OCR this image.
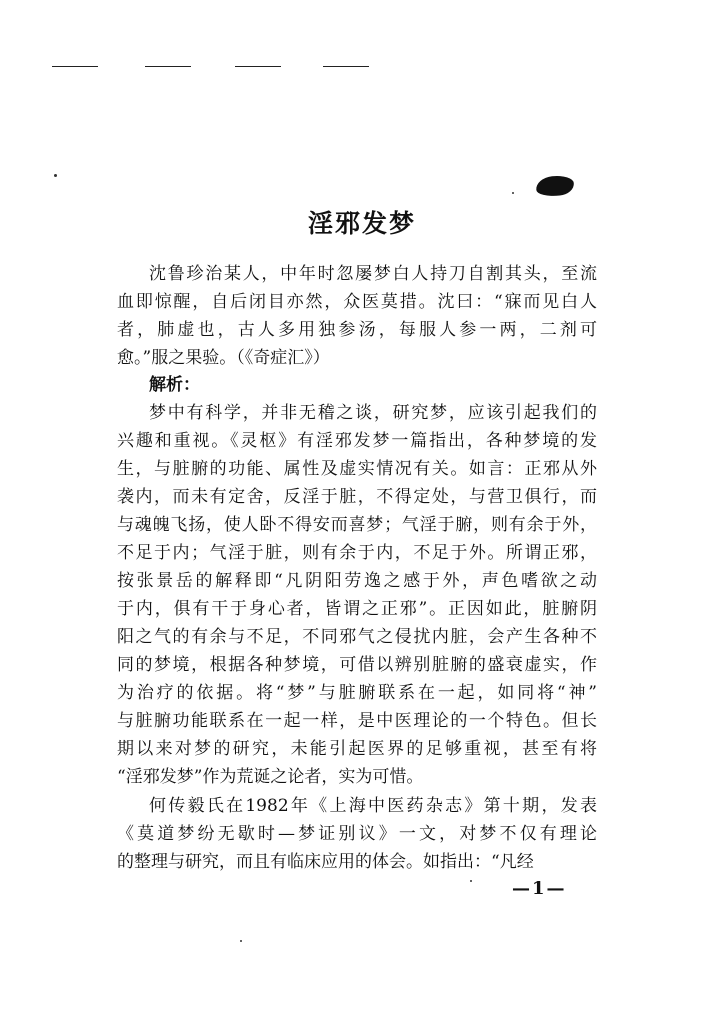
淫邪发梦
沈鲁珍治某人，中年时忽屡梦白人持刀自割其头，至流
血即惊醒，自后闭目亦然，众医莫措。沈曰：“寐而见白人
者，肺虚也，古人多用独参汤，每服人参一两，二剂可
愈。”服之果验。（《奇症汇》）
解析：
梦中有科学，并非无稽之谈，研究梦，应该引起我们的
兴趣和重视。《灵枢》有淫邪发梦一篇指出，各种梦境的发
生，与脏腑的功能、属性及虚实情况有关。如言：正邪从外
袭内，而未有定舍，反淫于脏，不得定处，与营卫俱行，而
与魂魄飞扬，使人卧不得安而喜梦；气淫于腑，则有余于外，
不足于内；气淫于脏，则有余于内，不足于外。所谓正邪，
按张景岳的解释即“凡阴阳劳逸之感于外，声色嗜欲之动
于内，俱有干于身心者，皆谓之正邪”。正因如此，脏腑阴
阳之气的有余与不足，不同邪气之侵扰内脏，会产生各种不
同的梦境，根据各种梦境，可借以辨别脏腑的盛衰虚实，作
为治疗的依据。将“梦”与脏腑联系在一起，如同将“神”
与脏腑功能联系在一起一样，是中医理论的一个特色。但长
期以来对梦的研究，未能引起医界的足够重视，甚至有将
“淫邪发梦”作为荒诞之论者，实为可惜。
何传毅氏在1982年《上海中医药杂志》第十期，发表
《莫道梦纷无歇时—梦证别议》一文，对梦不仅有理论
的整理与研究，而且有临床应用的体会。如指出：“凡经
—1—
